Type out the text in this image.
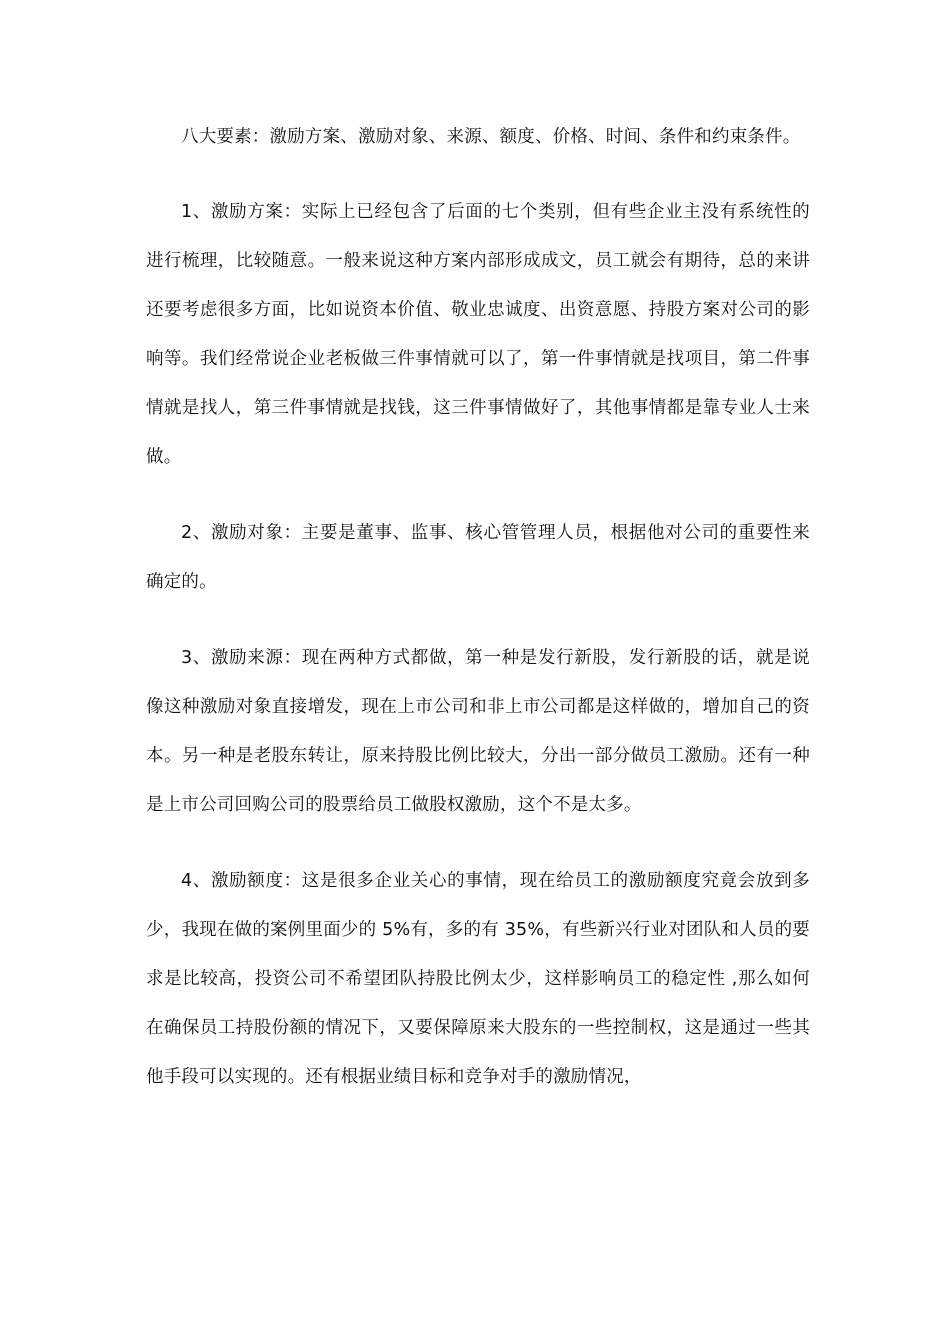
八大要素：激励方案、激励对象、来源、额度、价格、时间、条件和约束条件。

1、激励方案：实际上已经包含了后面的七个类别，但有些企业主没有系统性的进行梳理，比较随意。一般来说这种方案内部形成成文，员工就会有期待，总的来讲还要考虑很多方面，比如说资本价值、敬业忠诚度、出资意愿、持股方案对公司的影响等。我们经常说企业老板做三件事情就可以了，第一件事情就是找项目，第二件事情就是找人，第三件事情就是找钱，这三件事情做好了，其他事情都是靠专业人士来做。

2、激励对象：主要是董事、监事、核心管管理人员，根据他对公司的重要性来确定的。

3、激励来源：现在两种方式都做，第一种是发行新股，发行新股的话，就是说像这种激励对象直接增发，现在上市公司和非上市公司都是这样做的，增加自己的资本。另一种是老股东转让，原来持股比例比较大，分出一部分做员工激励。还有一种是上市公司回购公司的股票给员工做股权激励，这个不是太多。

4、激励额度：这是很多企业关心的事情，现在给员工的激励额度究竟会放到多少，我现在做的案例里面少的 5%有，多的有 35%，有些新兴行业对团队和人员的要求是比较高，投资公司不希望团队持股比例太少，这样影响员工的稳定性 ,那么如何在确保员工持股份额的情况下，又要保障原来大股东的一些控制权，这是通过一些其他手段可以实现的。还有根据业绩目标和竞争对手的激励情况，
